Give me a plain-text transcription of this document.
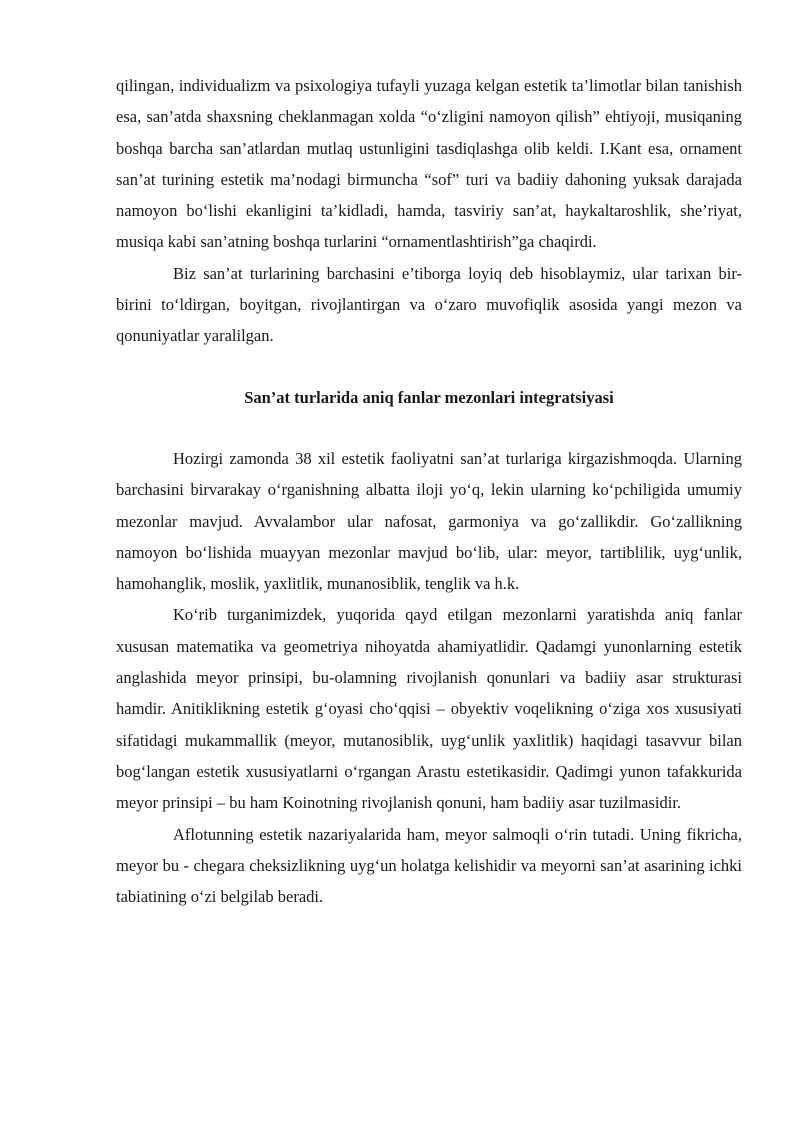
qilingan, individualizm va psixologiya tufayli yuzaga kelgan estetik ta’limotlar bilan tanishish esa, san’atda shaxsning cheklanmagan xolda “o‘zligini namoyon qilish” ehtiyoji, musiqaning boshqa barcha san’atlardan mutlaq ustunligini tasdiqlashga olib keldi. I.Kant esa, ornament san’at turining estetik ma’nodagi birmuncha “sof” turi va badiiy dahoning yuksak darajada namoyon bo‘lishi ekanligini ta’kidladi, hamda, tasviriy san’at, haykaltaroshlik, she’riyat, musiqa kabi san’atning boshqa turlarini “ornamentlashtirish”ga chaqirdi.

Biz san’at turlarining barchasini e’tiborga loyiq deb hisoblaymiz, ular tarixan bir-birini to‘ldirgan, boyitgan, rivojlantirgan va o‘zaro muvofiqlik asosida yangi mezon va qonuniyatlar yaralilgan.

San’at turlarida aniq fanlar mezonlari integratsiyasi

Hozirgi zamonda 38 xil estetik faoliyatni san’at turlariga kirgazishmoqda. Ularning barchasini birvarakay o‘rganishning albatta iloji yo‘q, lekin ularning ko‘pchiligida umumiy mezonlar mavjud. Avvalambor ular nafosat, garmoniya va go‘zallikdir. Go‘zallikning namoyon bo‘lishida muayyan mezonlar mavjud bo‘lib, ular: meyor, tartiblilik, uyg‘unlik, hamohanglik, moslik, yaxlitlik, munanosiblik, tenglik va h.k.

Ko‘rib turganimizdek, yuqorida qayd etilgan mezonlarni yaratishda aniq fanlar xususan matematika va geometriya nihoyatda ahamiyatlidir. Qadamgi yunonlarning estetik anglashida meyor prinsipi, bu-olamning rivojlanish qonunlari va badiiy asar strukturasi hamdir. Anitiklikning estetik g‘oyasi cho‘qqisi – obyektiv voqelikning o‘ziga xos xususiyati sifatidagi mukammallik (meyor, mutanosiblik, uyg‘unlik yaxlitlik) haqidagi tasavvur bilan bog‘langan estetik xususiyatlarni o‘rgangan Arastu estetikasidir. Qadimgi yunon tafakkurida meyor prinsipi – bu ham Koinotning rivojlanish qonuni, ham badiiy asar tuzilmasidir.

Aflotunning estetik nazariyalarida ham, meyor salmoqli o‘rin tutadi. Uning fikricha, meyor bu - chegara cheksizlikning uyg‘un holatga kelishidir va meyorni san’at asarining ichki tabiatining o‘zi belgilab beradi.
